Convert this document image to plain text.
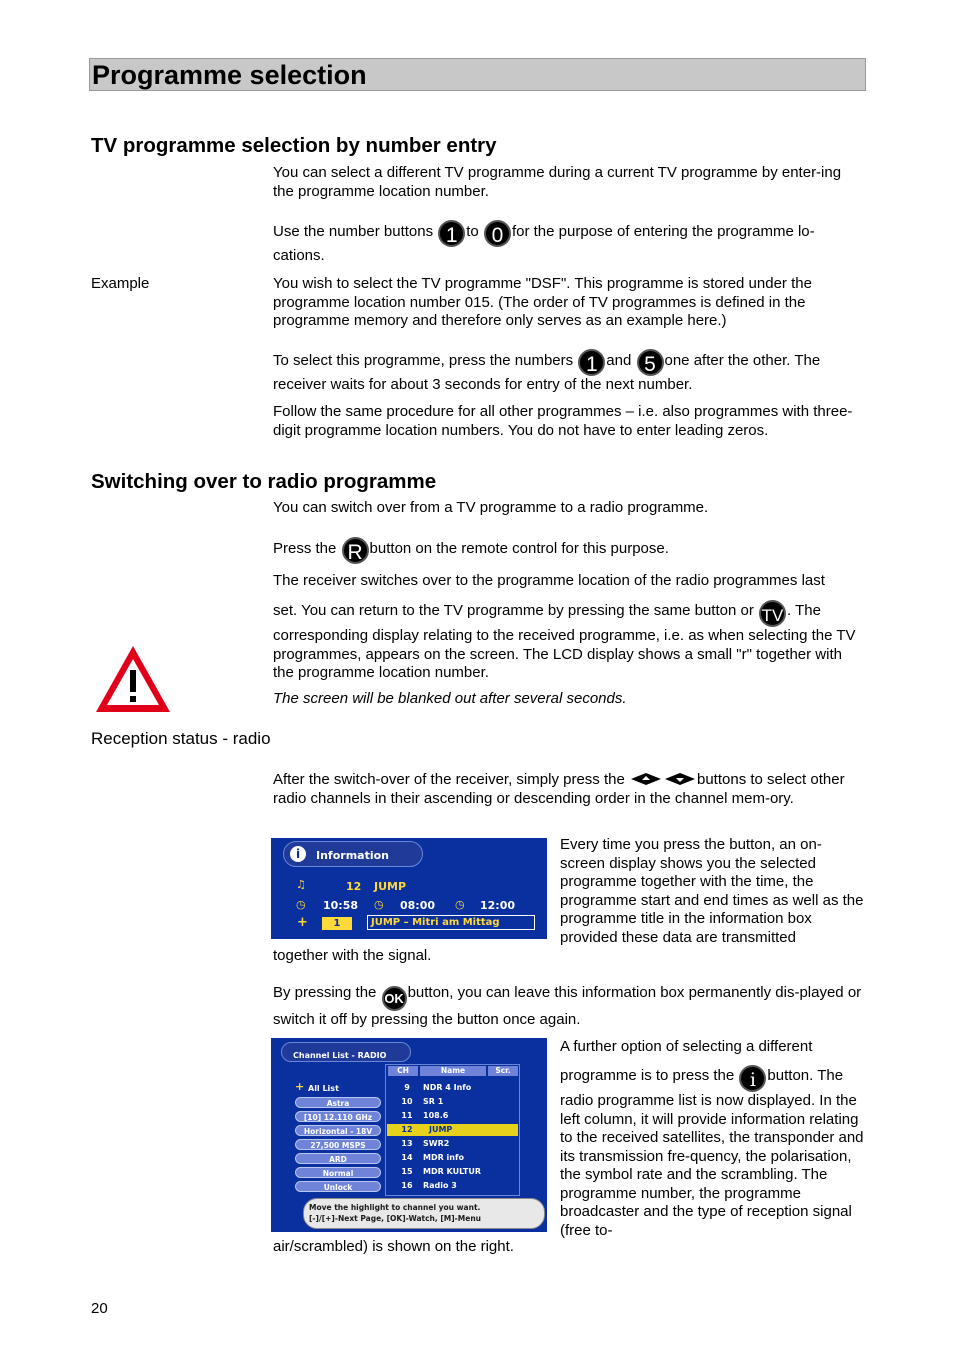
Programme selection
TV programme selection by number entry
You can select a different TV programme during a current TV programme by enter-ing the programme location number.
Use the number buttons 1 to 0 for the purpose of entering the programme lo-cations.
Example	You wish to select the TV programme "DSF". This programme is stored under the programme location number 015. (The order of TV programmes is defined in the programme memory and therefore only serves as an example here.)
To select this programme, press the numbers 1 and 5 one after the other. The receiver waits for about 3 seconds for entry of the next number.
Follow the same procedure for all other programmes – i.e. also programmes with three-digit programme location numbers. You do not have to enter leading zeros.
Switching over to radio programme
You can switch over from a TV programme to a radio programme.
Press the R button on the remote control for this purpose.
The receiver switches over to the programme location of the radio programmes last
set. You can return to the TV programme by pressing the same button or TV . The corresponding display relating to the received programme, i.e. as when selecting the TV programmes, appears on the screen. The LCD display shows a small "r" together with the programme location number.
The screen will be blanked out after several seconds.
Reception status - radio
After the switch-over of the receiver, simply press the	buttons to select other radio channels in their ascending or descending order in the channel mem-ory.
i	Information
♫	12 JUMP
◷ 10:58 ◷ 08:00 ◷ 12:00
+	1	JUMP – Mitri am Mittag
Every time you press the button, an on-screen display shows you the selected programme together with the time, the programme start and end times as well as the programme title in the information box provided these data are transmitted
together with the signal.
By pressing the OK button, you can leave this information box permanently dis-played or switch it off by pressing the button once again.
Channel List - RADIO
+ All List
Astra
[10] 12.110 GHz
Horizontal - 18V
27,500 MSPS
ARD
Normal
Unlock
CH	Name	Scr.
9	NDR 4 Info
10	SR 1
11	108.6
12	JUMP
13	SWR2
14	MDR info
15	MDR KULTUR
16	Radio 3
Move the highlight to channel you want.
[-]/[+]-Next Page, [OK]-Watch, [M]-Menu
A further option of selecting a different
programme is to press the i button. The radio programme list is now displayed. In the left column, it will provide information relating to the received satellites, the transponder and its transmission fre-quency, the polarisation, the symbol rate and the scrambling. The programme number, the programme broadcaster and the type of reception signal (free to-
air/scrambled) is shown on the right.
20
